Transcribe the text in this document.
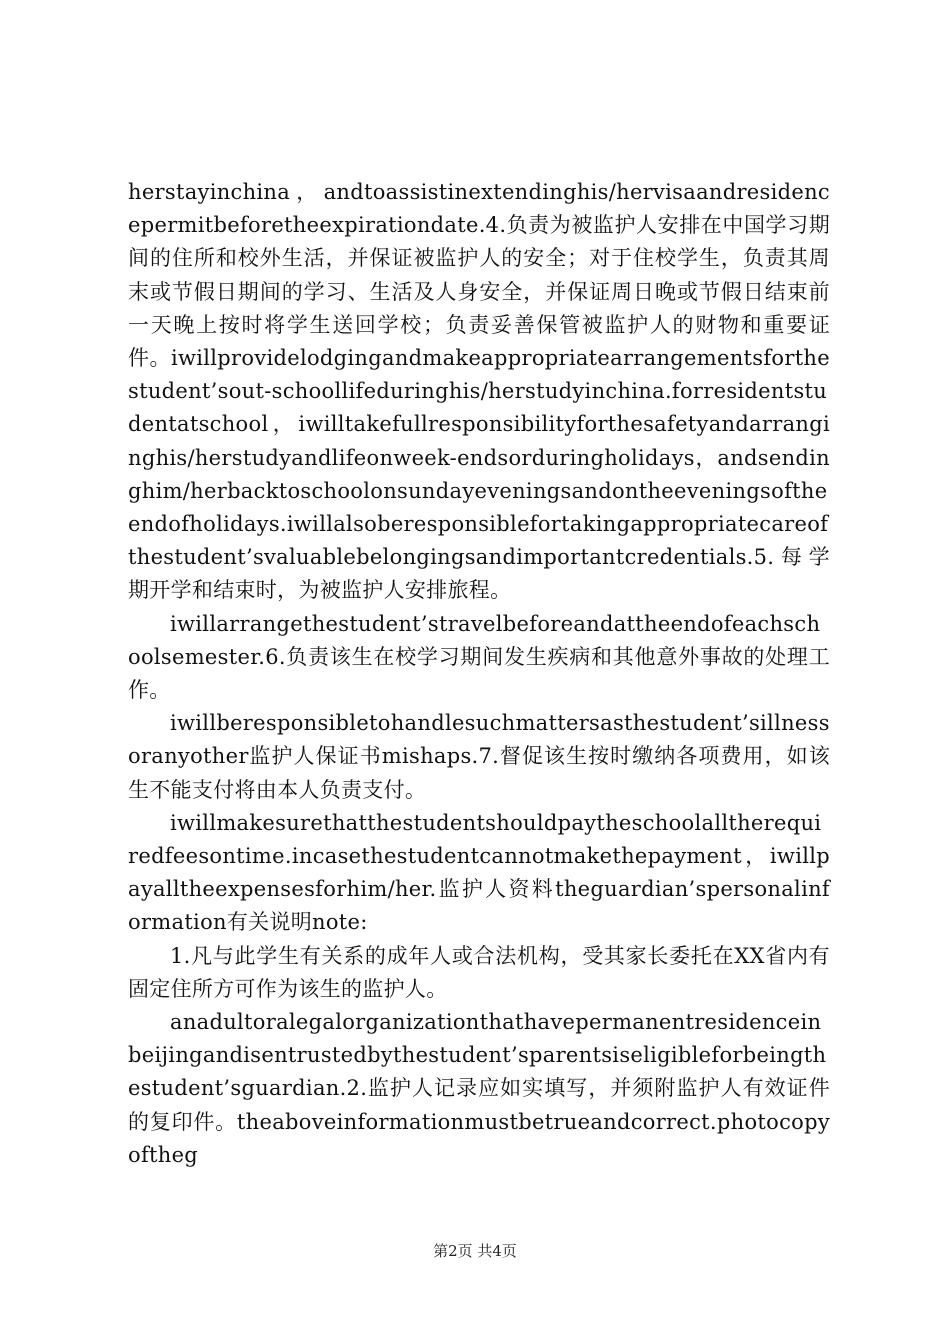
herstayinchina，andtoassistinextendinghis/hervisaandresidencepermitbeforetheexpirationdate.4.负责为被监护人安排在中国学习期间的住所和校外生活，并保证被监护人的安全；对于住校学生，负责其周末或节假日期间的学习、生活及人身安全，并保证周日晚或节假日结束前一天晚上按时将学生送回学校；负责妥善保管被监护人的财物和重要证件。iwillprovidelodgingandmakeappropriatearrangementsforthestudent’sout-schoollifeduringhis/herstudyinchina.forresidentstudentatschool，iwilltakefullresponsibilityforthesafetyandarranginghis/herstudyandlifeonweek-endsorduringholidays，andsendinghim/herbacktoschoolonsundayeveningsandontheeveningsoftheendofholidays.iwillalsoberesponsiblefortakingappropriatecareofthestudent’svaluablebelongingsandimportantcredentials.5.每学期开学和结束时，为被监护人安排旅程。

iwillarrangethestudent’stravelbeforeandattheendofeachschoolsemester.6.负责该生在校学习期间发生疾病和其他意外事故的处理工作。

iwillberesponsibletohandlesuchmattersasthestudent’sillnessoranyother监护人保证书mishaps.7.督促该生按时缴纳各项费用，如该生不能支付将由本人负责支付。

iwillmakesurethatthestudentshouldpaytheschoolalltherequiredfeesontime.incasethestudentcannotmakethepayment，iwillpayalltheexpensesforhim/her.监护人资料theguardian’spersonalinformation有关说明note:

1.凡与此学生有关系的成年人或合法机构，受其家长委托在XX省内有固定住所方可作为该生的监护人。

anadultoralegalorganizationthathavepermanentresidenceinbeijingandisentrustedbythestudent’sparentsiseligibleforbeingthestudent’sguardian.2.监护人记录应如实填写，并须附监护人有效证件的复印件。theaboveinformationmustbetrueandcorrect.photocopyoftheg

第2页 共4页
